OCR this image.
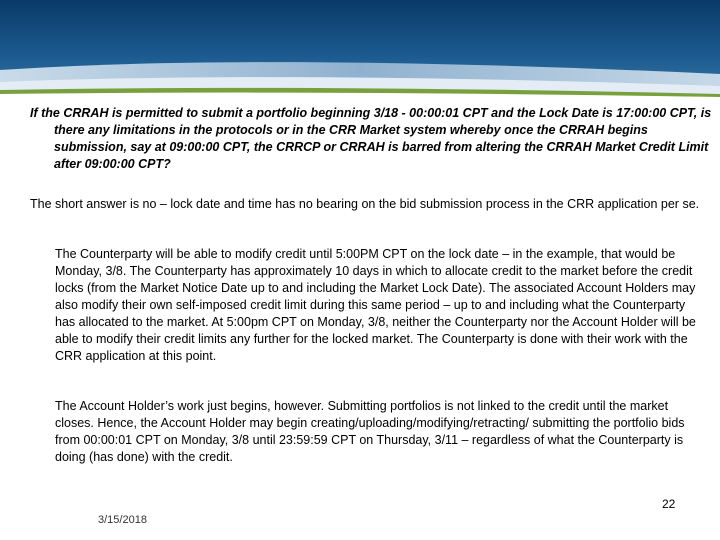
If the CRRAH is permitted to submit a portfolio beginning 3/18 - 00:00:01 CPT and the Lock Date is 17:00:00 CPT, is there any limitations in the protocols or in the CRR Market system whereby once the CRRAH begins submission, say at 09:00:00 CPT, the CRRCP or CRRAH is barred from altering the CRRAH Market Credit Limit after 09:00:00 CPT?

The short answer is no – lock date and time has no bearing on the bid submission process in the CRR application per se.

The Counterparty will be able to modify credit until 5:00PM CPT on the lock date – in the example, that would be Monday, 3/8. The Counterparty has approximately 10 days in which to allocate credit to the market before the credit locks (from the Market Notice Date up to and including the Market Lock Date). The associated Account Holders may also modify their own self-imposed credit limit during this same period – up to and including what the Counterparty has allocated to the market. At 5:00pm CPT on Monday, 3/8, neither the Counterparty nor the Account Holder will be able to modify their credit limits any further for the locked market. The Counterparty is done with their work with the CRR application at this point.

The Account Holder’s work just begins, however. Submitting portfolios is not linked to the credit until the market closes. Hence, the Account Holder may begin creating/uploading/modifying/retracting/ submitting the portfolio bids from 00:00:01 CPT on Monday, 3/8 until 23:59:59 CPT on Thursday, 3/11 – regardless of what the Counterparty is doing (has done) with the credit.

22
3/15/2018
